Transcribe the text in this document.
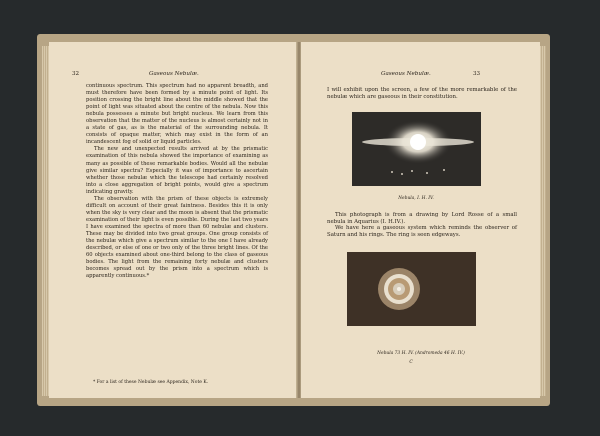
32	Gaseous Nebulæ.

continuous spectrum. This spectrum had no apparent breadth, and must therefore have been formed by a minute point of light. Its position crossing the bright line about the middle showed that the point of light was situated about the centre of the nebula. Now this nebula possesses a minute but bright nucleus. We learn from this observation that the matter of the nucleus is almost certainly not in a state of gas, as is the material of the surrounding nebula. It consists of opaque matter, which may exist in the form of an incandescent fog of solid or liquid particles.

The new and unexpected results arrived at by the prismatic examination of this nebula showed the importance of examining as many as possible of these remarkable bodies. Would all the nebulæ give similar spectra? Especially it was of importance to ascertain whether those nebulæ which the telescope had certainly resolved into a close aggregation of bright points, would give a spectrum indicating gravity.

The observation with the prism of these objects is extremely difficult on account of their great faintness. Besides this it is only when the sky is very clear and the moon is absent that the prismatic examination of their light is even possible. During the last two years I have examined the spectra of more than 60 nebulæ and clusters. These may be divided into two great groups. One group consists of the nebulæ which give a spectrum similar to the one I have already described, or else of one or two only of the three bright lines. Of the 60 objects examined about one-third belong to the class of gaseous bodies. The light from the remaining forty nebulæ and clusters becomes spread out by the prism into a spectrum which is apparently continuous.*

* For a list of these Nebulæ see Appendix, Note K.
Gaseous Nebulæ.	33

I will exhibit upon the screen, a few of the more remarkable of the nebulæ which are gaseous in their constitution.

Nebula, I. H. IV.

This photograph is from a drawing by Lord Rosse of a small nebula in Aquarius (I. H.IV.).
We have here a gaseous system which reminds the observer of Saturn and his rings. The ring is seen edgeways.

Nebula 73 H. IV. (Andromeda 46 H. IV.)
C
